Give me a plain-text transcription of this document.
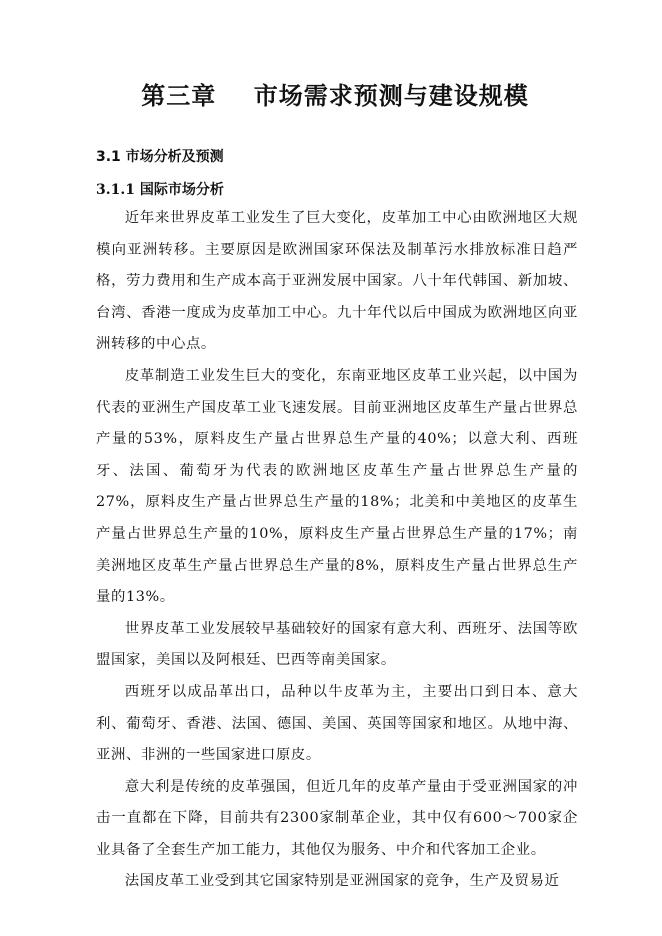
第三章    市场需求预测与建设规模
3.1 市场分析及预测
3.1.1 国际市场分析

近年来世界皮革工业发生了巨大变化，皮革加工中心由欧洲地区大规模向亚洲转移。主要原因是欧洲国家环保法及制革污水排放标准日趋严格，劳力费用和生产成本高于亚洲发展中国家。八十年代韩国、新加坡、台湾、香港一度成为皮革加工中心。九十年代以后中国成为欧洲地区向亚洲转移的中心点。

皮革制造工业发生巨大的变化，东南亚地区皮革工业兴起，以中国为代表的亚洲生产国皮革工业飞速发展。目前亚洲地区皮革生产量占世界总产量的53%，原料皮生产量占世界总生产量的40%；以意大利、西班牙、法国、葡萄牙为代表的欧洲地区皮革生产量占世界总生产量的27%，原料皮生产量占世界总生产量的18%；北美和中美地区的皮革生产量占世界总生产量的10%，原料皮生产量占世界总生产量的17%；南美洲地区皮革生产量占世界总生产量的8%，原料皮生产量占世界总生产量的13%。

世界皮革工业发展较早基础较好的国家有意大利、西班牙、法国等欧盟国家，美国以及阿根廷、巴西等南美国家。

西班牙以成品革出口，品种以牛皮革为主，主要出口到日本、意大利、葡萄牙、香港、法国、德国、美国、英国等国家和地区。从地中海、亚洲、非洲的一些国家进口原皮。

意大利是传统的皮革强国，但近几年的皮革产量由于受亚洲国家的冲击一直都在下降，目前共有2300家制革企业，其中仅有600～700家企业具备了全套生产加工能力，其他仅为服务、中介和代客加工企业。

法国皮革工业受到其它国家特别是亚洲国家的竞争，生产及贸易近
